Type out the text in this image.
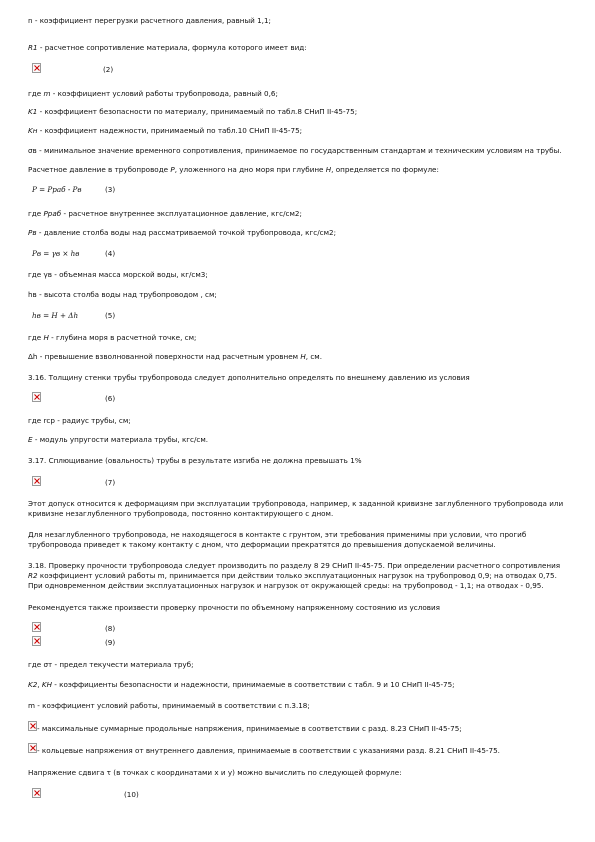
n - коэффициент перегрузки расчетного давления, равный 1,1;
R1 - расчетное сопротивление материала, формула которого имеет вид:
(2)
где m - коэффициент условий работы трубопровода, равный 0,6;
K1 - коэффициент безопасности по материалу, принимаемый по табл.8 СНиП II-45-75;
Kн - коэффициент надежности, принимаемый по табл.10 СНиП II-45-75;
σв - минимальное значение временного сопротивления, принимаемое по государственным стандартам и техническим условиям на трубы.
Расчетное давление в трубопроводе P, уложенного на дно моря при глубине H, определяется по формуле:
P = Pраб - Pв	(3)
где Pраб - расчетное внутреннее эксплуатационное давление, кгс/см2;
Pв - давление столба воды над рассматриваемой точкой трубопровода, кгс/см2;
Pв = γв × hв	(4)
где γв - объемная масса морской воды, кг/см3;
hв - высота столба воды над трубопроводом , см;
hв = H + Δh	(5)
где H - глубина моря в расчетной точке, см;
Δh - превышение взволнованной поверхности над расчетным уровнем H, см.
3.16. Толщину стенки трубы трубопровода следует дополнительно определять по внешнему давлению из условия
(6)
где rср - радиус трубы, см;
E - модуль упругости материала трубы, кгс/см.
3.17. Сплющивание (овальность) трубы в результате изгиба не должна превышать 1%
(7)
Этот допуск относится к деформациям при эксплуатации трубопровода, например, к заданной кривизне заглубленного трубопровода или кривизне незаглубленного трубопровода, постоянно контактирующего с дном.
Для незаглубленного трубопровода, не находящегося в контакте с грунтом, эти требования применимы при условии, что прогиб трубопровода приведет к такому контакту с дном, что деформации прекратятся до превышения допускаемой величины.
3.18. Проверку прочности трубопровода следует производить по разделу 8 29 СНиП II-45-75. При определении расчетного сопротивления R2 коэффициент условий работы m, принимается при действии только эксплуатационных нагрузок на трубопровод 0,9; на отводах 0,75. При одновременном действии эксплуатационных нагрузок и нагрузок от окружающей среды: на трубопровод - 1,1; на отводах - 0,95.
Рекомендуется также произвести проверку прочности по объемному напряженному состоянию из условия
(8)
(9)
где σт - предел текучести материала труб;
K2, KН - коэффициенты безопасности и надежности, принимаемые в соответствии с табл. 9 и 10 СНиП II-45-75;
m - коэффициент условий работы, принимаемый в соответствии с п.3.18;
- максимальные суммарные продольные напряжения, принимаемые в соответствии с разд. 8.23 СНиП II-45-75;
- кольцевые напряжения от внутреннего давления, принимаемые в соответствии с указаниями разд. 8.21 СНиП II-45-75.
Напряжение сдвига τ (в точках с координатами x и y) можно вычислить по следующей формуле:
(10)
